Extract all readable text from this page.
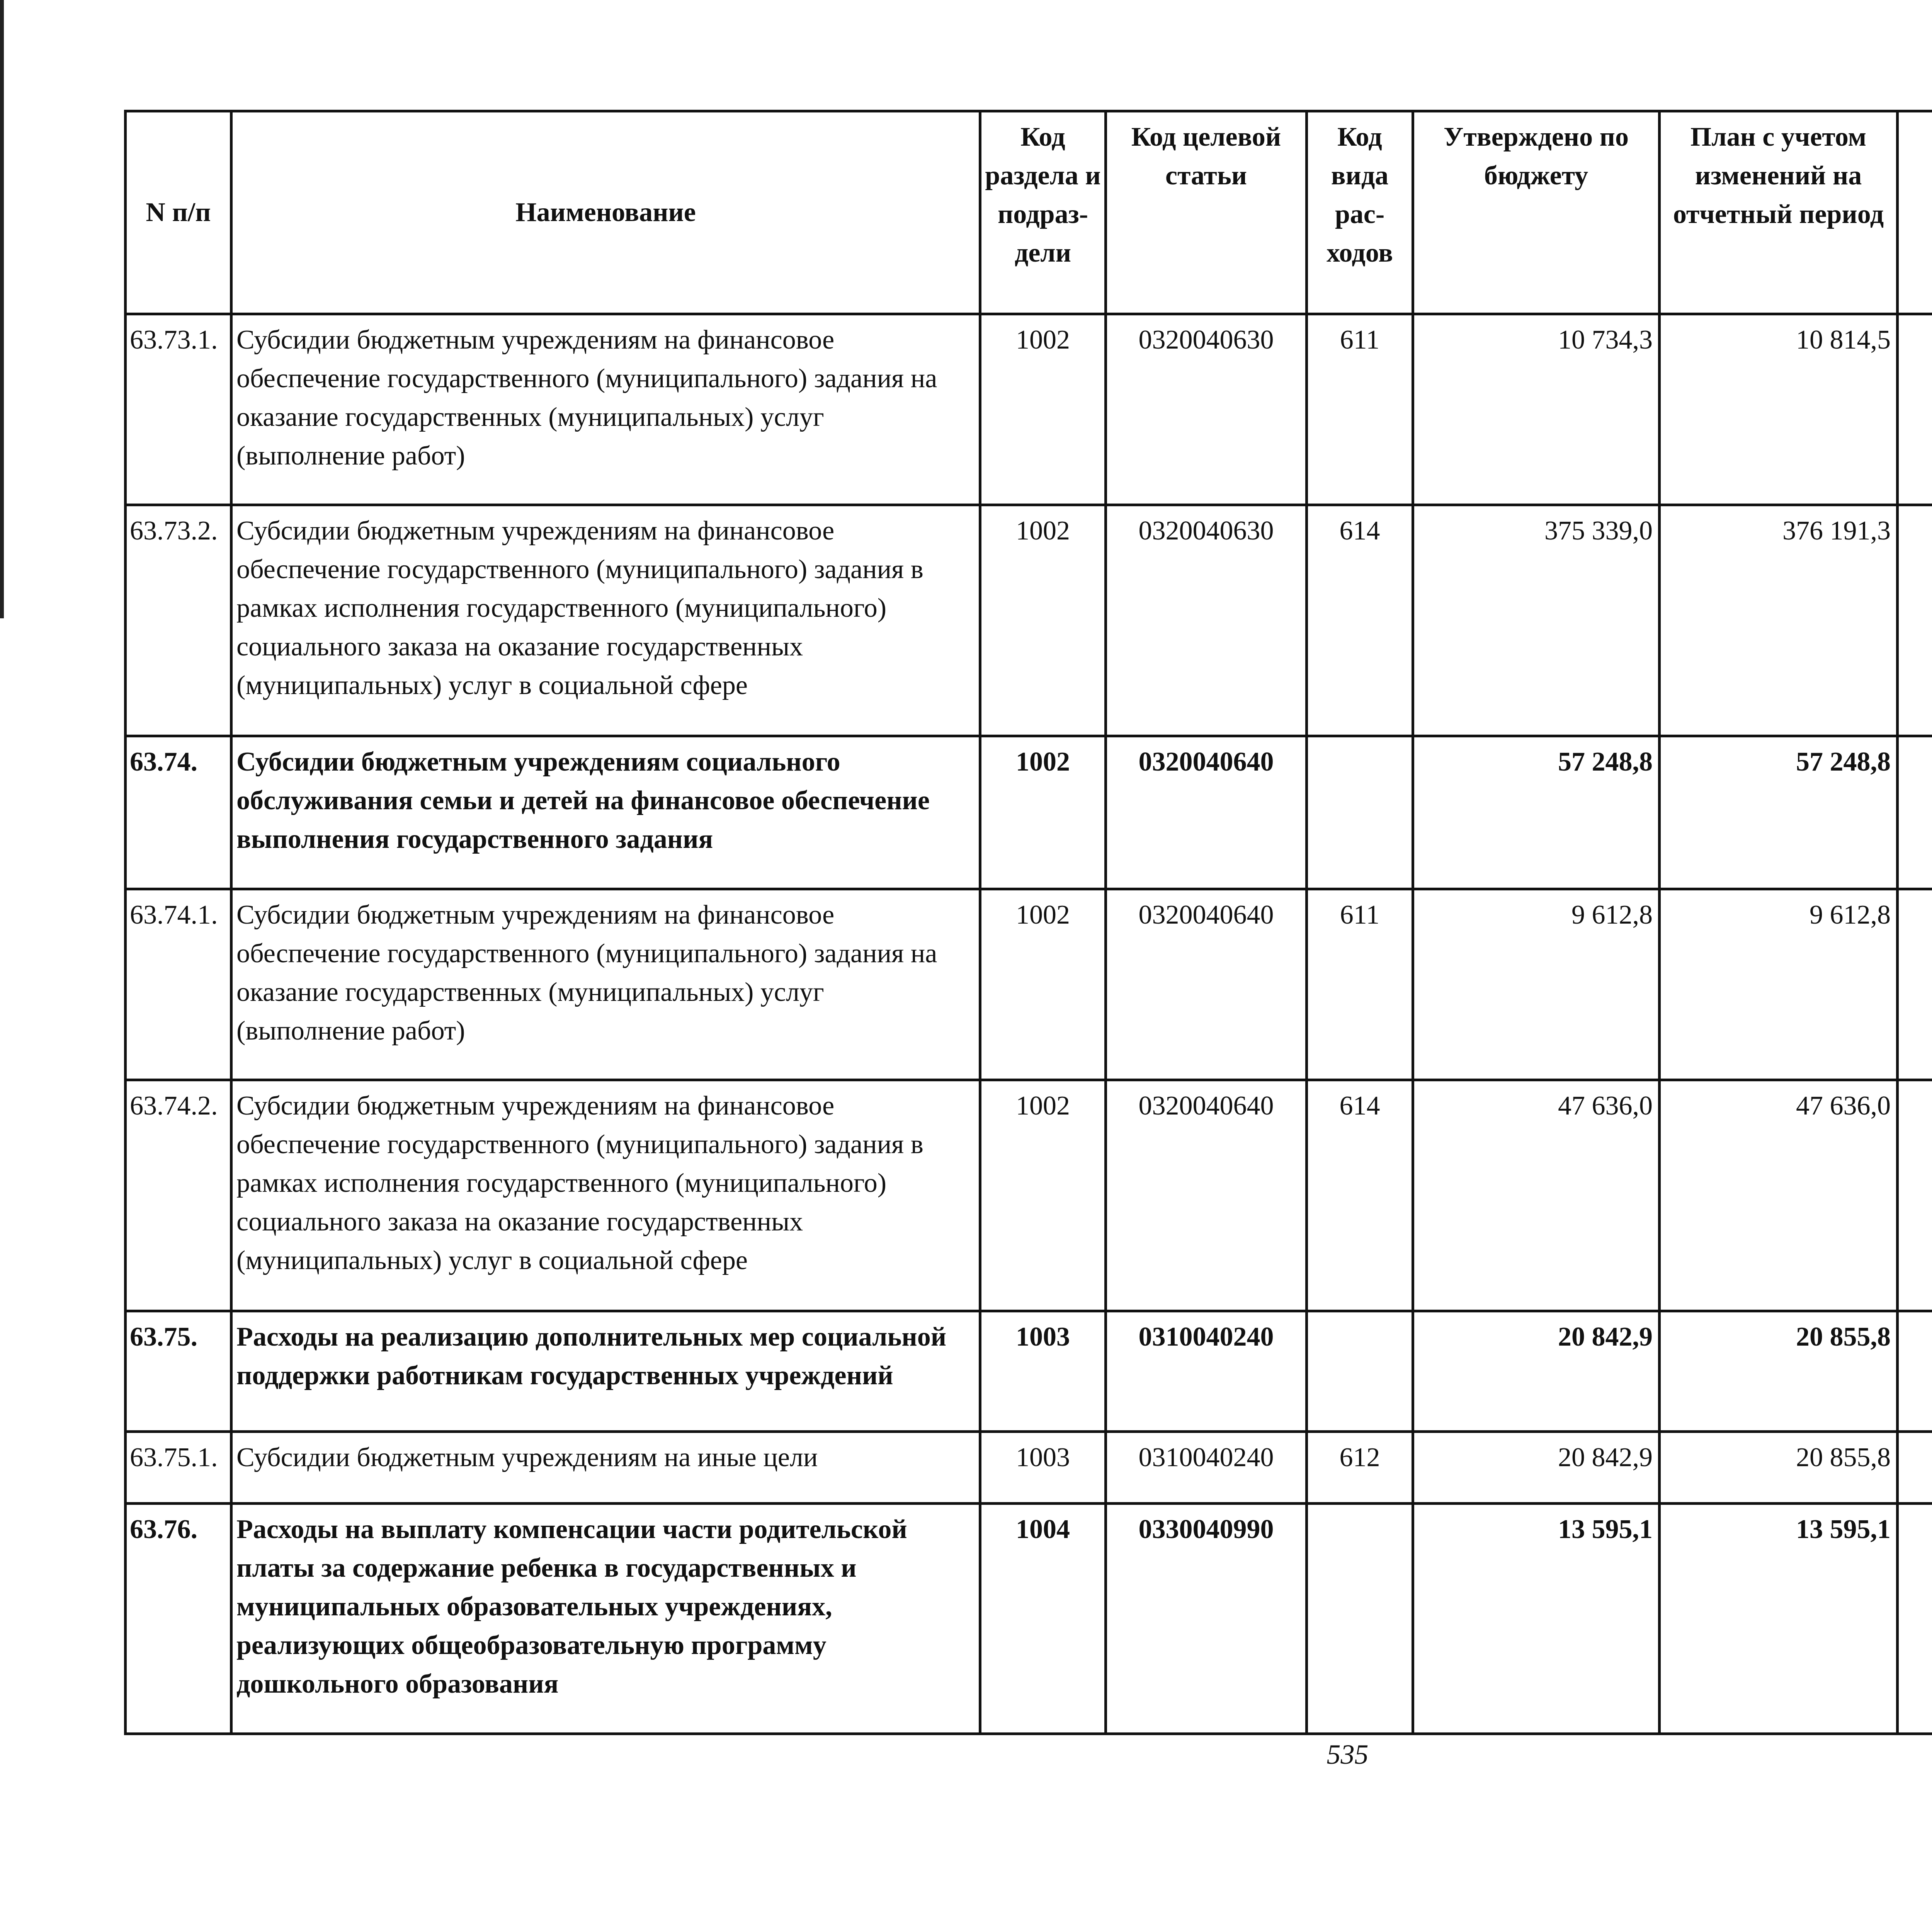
N п/п	Наименование	Код раздела и подраз-дели	Код целевой статьи	Код вида рас-ходов	Утверждено по бюджету	План с учетом изменений на отчетный период		

63.73.1.	Субсидии бюджетным учреждениям на финансовое обеспечение государственного (муниципального) задания на оказание государственных (муниципальных) услуг (выполнение работ)	1002	0320040630	611	10 734,3	10 814,5			
63.73.2.	Субсидии бюджетным учреждениям на финансовое обеспечение государственного (муниципального) задания в рамках исполнения государственного (муниципального) социального заказа на оказание государственных (муниципальных) услуг в социальной сфере	1002	0320040630	614	375 339,0	376 191,3			
63.74.	Субсидии бюджетным учреждениям социального обслуживания семьи и детей на финансовое обеспечение выполнения государственного задания	1002	0320040640		57 248,8	57 248,8			
63.74.1.	Субсидии бюджетным учреждениям на финансовое обеспечение государственного (муниципального) задания на оказание государственных (муниципальных) услуг (выполнение работ)	1002	0320040640	611	9 612,8	9 612,8			
63.74.2.	Субсидии бюджетным учреждениям на финансовое обеспечение государственного (муниципального) задания в рамках исполнения государственного (муниципального) социального заказа на оказание государственных (муниципальных) услуг в социальной сфере	1002	0320040640	614	47 636,0	47 636,0			
63.75.	Расходы на реализацию дополнительных мер социальной поддержки работникам государственных учреждений	1003	0310040240		20 842,9	20 855,8			
63.75.1.	Субсидии бюджетным учреждениям на иные цели	1003	0310040240	612	20 842,9	20 855,8			
63.76.	Расходы на выплату компенсации части родительской платы за содержание ребенка в государственных и муниципальных образовательных учреждениях, реализующих общеобразовательную программу дошкольного образования	1004	0330040990		13 595,1	13 595,1			
535
